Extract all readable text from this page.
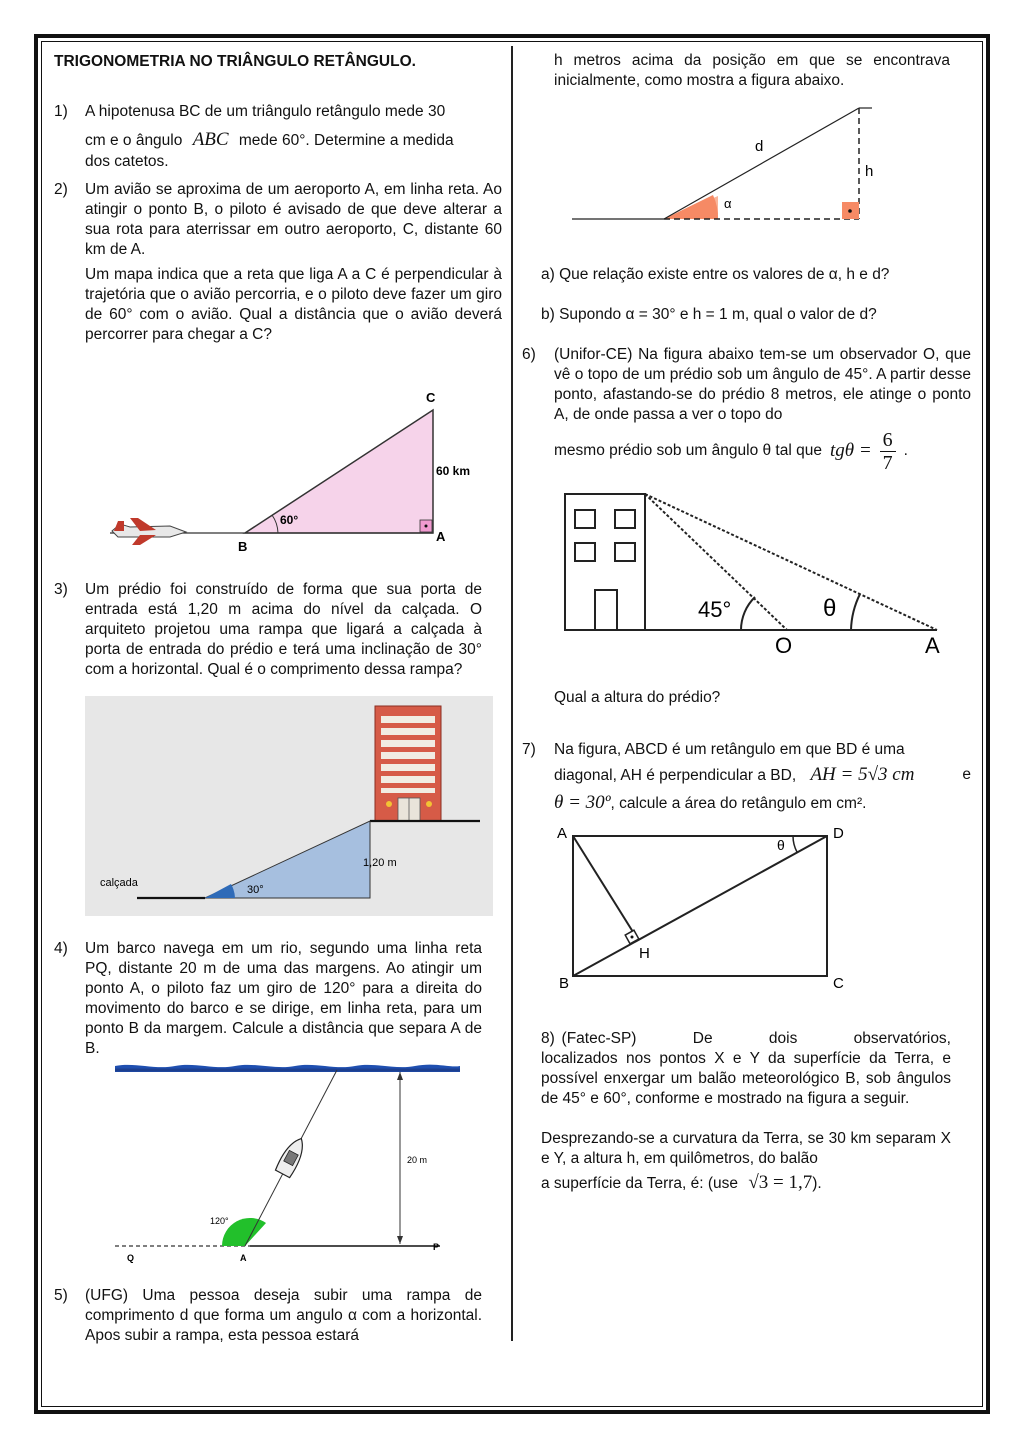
TRIGONOMETRIA NO TRIÂNGULO RETÂNGULO.
1) A hipotenusa BC de um triângulo retângulo mede 30
cm e o ângulo ABC mede 60°. Determine a medida
dos catetos.
2) Um avião se aproxima de um aeroporto A, em linha reta. Ao atingir o ponto B, o piloto é avisado de que deve alterar a sua rota para aterrissar em outro aeroporto, C, distante 60 km de A.
Um mapa indica que a reta que liga A a C é perpendicular à trajetória que o avião percorria, e o piloto deve fazer um giro de 60° com o avião. Qual a distância que o avião deverá percorrer para chegar a C?
C
B
A
60 km
60°
3) Um prédio foi construído de forma que sua porta de entrada está 1,20 m acima do nível da calçada. O arquiteto projetou uma rampa que ligará a calçada à porta de entrada do prédio e terá uma inclinação de 30° com a horizontal. Qual é o comprimento dessa rampa?
calçada
1,20 m
30°
4) Um barco navega em um rio, segundo uma linha reta PQ, distante 20 m de uma das margens. Ao atingir um ponto A, o piloto faz um giro de 120° para a direita do movimento do barco e se dirige, em linha reta, para um ponto B da margem. Calcule a distância que separa A de B.
20 m
120°
Q	A
P
5) (UFG) Uma pessoa deseja subir uma rampa de comprimento d que forma um angulo α com a horizontal. Apos subir a rampa, esta pessoa estará
h metros acima da posição em que se encontrava inicialmente, como mostra a figura abaixo.
d
h
α
a) Que relação existe entre os valores de α, h e d?
b) Supondo α = 30° e h = 1 m, qual o valor de d?
6) (Unifor-CE) Na figura abaixo tem-se um observador O, que vê o topo de um prédio sob um ângulo de 45°. A partir desse ponto, afastando-se do prédio 8 metros, ele atinge o ponto A, de onde passa a ver o topo do
mesmo prédio sob um ângulo θ tal que $tg\theta = \frac{6}{7}$ .
45°	θ
O	A
Qual a altura do prédio?
7) Na figura, ABCD é um retângulo em que BD é uma
diagonal, AH é perpendicular a BD, AH = 5√3 cm	e
θ = 30º, calcule a área do retângulo em cm².
A	D
B	C
H
θ
8) (Fatec-SP) De dois observatórios,
localizados nos pontos X e Y da superfície da Terra, e possível enxergar um balão meteorológico B, sob ângulos de 45° e 60°, conforme e mostrado na figura a seguir.
Desprezando-se a curvatura da Terra, se 30 km separam X e Y, a altura h, em quilômetros, do balão
a superfície da Terra, é: (use √3 = 1,7).
